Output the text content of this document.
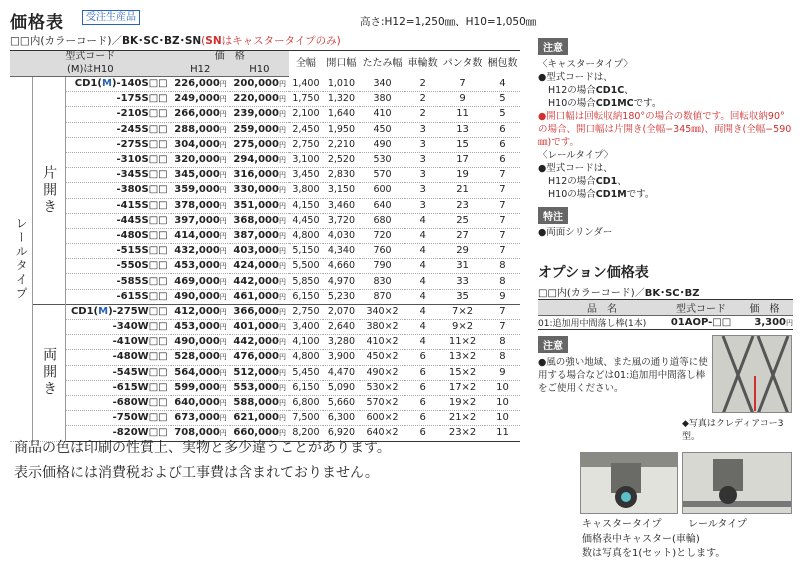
価格表	受注生産品	高さ:H12=1,250㎜、H10=1,050㎜
□□内(カラーコード)／BK･SC･BZ･SN(SNはキャスタータイプのみ)
型式コード			価　格		全幅	開口幅	たたみ幅	車輪数	パンタ数	梱包数
(M)はH10			H12	H10						
レールタイプ	片開き	CD1(M)-140S□□	226,000円	200,000円	1,400	1,010	340	2	7	4
		-175S□□	249,000円	220,000円	1,750	1,320	380	2	9	5
		-210S□□	266,000円	239,000円	2,100	1,640	410	2	11	5
		-245S□□	288,000円	259,000円	2,450	1,950	450	3	13	6
		-275S□□	304,000円	275,000円	2,750	2,210	490	3	15	6
		-310S□□	320,000円	294,000円	3,100	2,520	530	3	17	6
		-345S□□	345,000円	316,000円	3,450	2,830	570	3	19	7
		-380S□□	359,000円	330,000円	3,800	3,150	600	3	21	7
		-415S□□	378,000円	351,000円	4,150	3,460	640	3	23	7
		-445S□□	397,000円	368,000円	4,450	3,720	680	4	25	7
		-480S□□	414,000円	387,000円	4,800	4,030	720	4	27	7
		-515S□□	432,000円	403,000円	5,150	4,340	760	4	29	7
		-550S□□	453,000円	424,000円	5,500	4,660	790	4	31	8
		-585S□□	469,000円	442,000円	5,850	4,970	830	4	33	8
		-615S□□	490,000円	461,000円	6,150	5,230	870	4	35	9
	両開き	CD1(M)-275W□□	412,000円	366,000円	2,750	2,070	340×2	4	7×2	7
		-340W□□	453,000円	401,000円	3,400	2,640	380×2	4	9×2	7
		-410W□□	490,000円	442,000円	4,100	3,280	410×2	4	11×2	8
		-480W□□	528,000円	476,000円	4,800	3,900	450×2	6	13×2	8
		-545W□□	564,000円	512,000円	5,450	4,470	490×2	6	15×2	9
		-615W□□	599,000円	553,000円	6,150	5,090	530×2	6	17×2	10
		-680W□□	640,000円	588,000円	6,800	5,660	570×2	6	19×2	10
		-750W□□	673,000円	621,000円	7,500	6,300	600×2	6	21×2	10
		-820W□□	708,000円	660,000円	8,200	6,920	640×2	6	23×2	11
注意
〈キャスタータイプ〉
●型式コードは、
H12の場合CD1C、
H10の場合CD1MCです。
●開口幅は回転収納180°の場合の数値です。回転収納90°の場合、開口幅は片開き(全幅−345㎜)、両開き(全幅−590㎜)です。
〈レールタイプ〉
●型式コードは、
H12の場合CD1、
H10の場合CD1Mです。
特注
●両面シリンダー
オプション価格表
□□内(カラーコード)／BK･SC･BZ
品　名	型式コード	価　格
01:追加用中間落し棒(1本)	01AOP-□□	3,300円
注意
●風の強い地域、また風の通り道等に使用する場合などは01:追加用中間落し棒をご使用ください。
◆写真はクレディアコー3型。
商品の色は印刷の性質上、実物と多少違うことがあります。
表示価格には消費税および工事費は含まれておりません。
キャスタータイプ	レールタイプ
価格表中キャスター(車輪)
数は写真を1(セット)とします。
